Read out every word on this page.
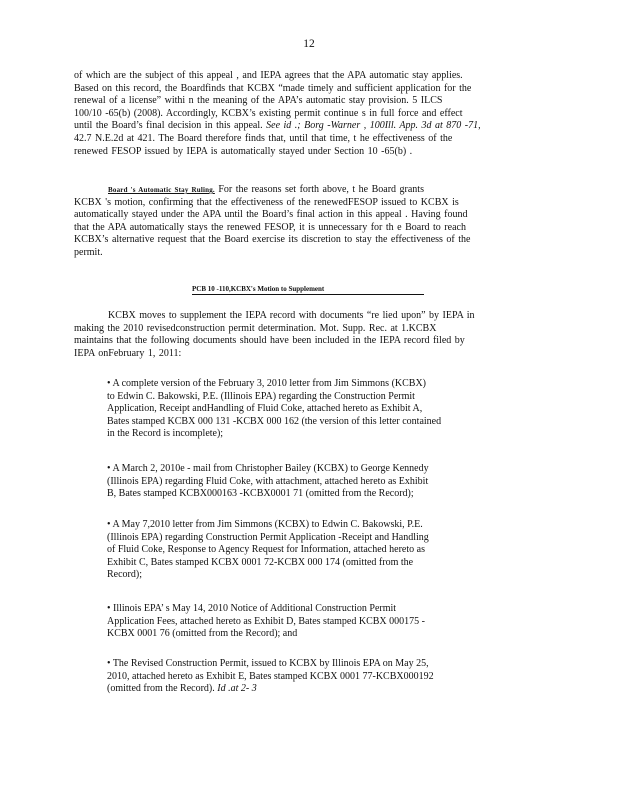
12
of which are the subject of this appeal , and IEPA agrees that the APA automatic stay applies.
Based on this record, the Boardfinds that KCBX “made timely and sufficient application for the
renewal of a license” withi n the meaning of the APA’s automatic stay provision. 5 ILCS
100/10 -65(b) (2008). Accordingly, KCBX’s existing permit continue s in full force and effect
until the Board’s final decision in this appeal. See id .; Borg -Warner , 100Ill. App. 3d at 870 -71,
42.7 N.E.2d at 421. The Board therefore finds that, until that time, t he effectiveness of the
renewed FESOP issued by IEPA is automatically stayed under Section 10 -65(b) .
Board 's Automatic Stay Ruling. For the reasons set forth above, t he Board grants
KCBX 's motion, confirming that the effectiveness of the renewedFESOP issued to KCBX is
automatically stayed under the APA until the Board’s final action in this appeal . Having found
that the APA automatically stays the renewed FESOP, it is unnecessary for th e Board to reach
KCBX’s alternative request that the Board exercise its discretion to stay the effectiveness of the
permit.
PCB 10 -110,KCBX's Motion to Supplement
KCBX moves to supplement the IEPA record with documents “re lied upon” by IEPA in
making the 2010 revisedconstruction permit determination. Mot. Supp. Rec. at 1.KCBX
maintains that the following documents should have been included in the IEPA record filed by
IEPA onFebruary 1, 2011:
• A complete version of the February 3, 2010 letter from Jim Simmons (KCBX)
to Edwin C. Bakowski, P.E. (Illinois EPA) regarding the Construction Permit
Application, Receipt andHandling of Fluid Coke, attached hereto as Exhibit A,
Bates stamped KCBX 000 131 -KCBX 000 162 (the version of this letter contained
in the Record is incomplete);
• A March 2, 2010e - mail from Christopher Bailey (KCBX) to George Kennedy
(Illinois EPA) regarding Fluid Coke, with attachment, attached hereto as Exhibit
B, Bates stamped KCBX000163 -KCBX0001 71 (omitted from the Record);
• A May 7,2010 letter from Jim Simmons (KCBX) to Edwin C. Bakowski, P.E.
(Illinois EPA) regarding Construction Permit Application -Receipt and Handling
of Fluid Coke, Response to Agency Request for Information, attached hereto as
Exhibit C, Bates stamped KCBX 0001 72-KCBX 000 174 (omitted from the
Record);
• Illinois EPA’ s May 14, 2010 Notice of Additional Construction Permit
Application Fees, attached hereto as Exhibit D, Bates stamped KCBX 000175 -
KCBX 0001 76 (omitted from the Record); and
• The Revised Construction Permit, issued to KCBX by Illinois EPA on May 25,
2010, attached hereto as Exhibit E, Bates stamped KCBX 0001 77-KCBX000192
(omitted from the Record). Id .at 2- 3
